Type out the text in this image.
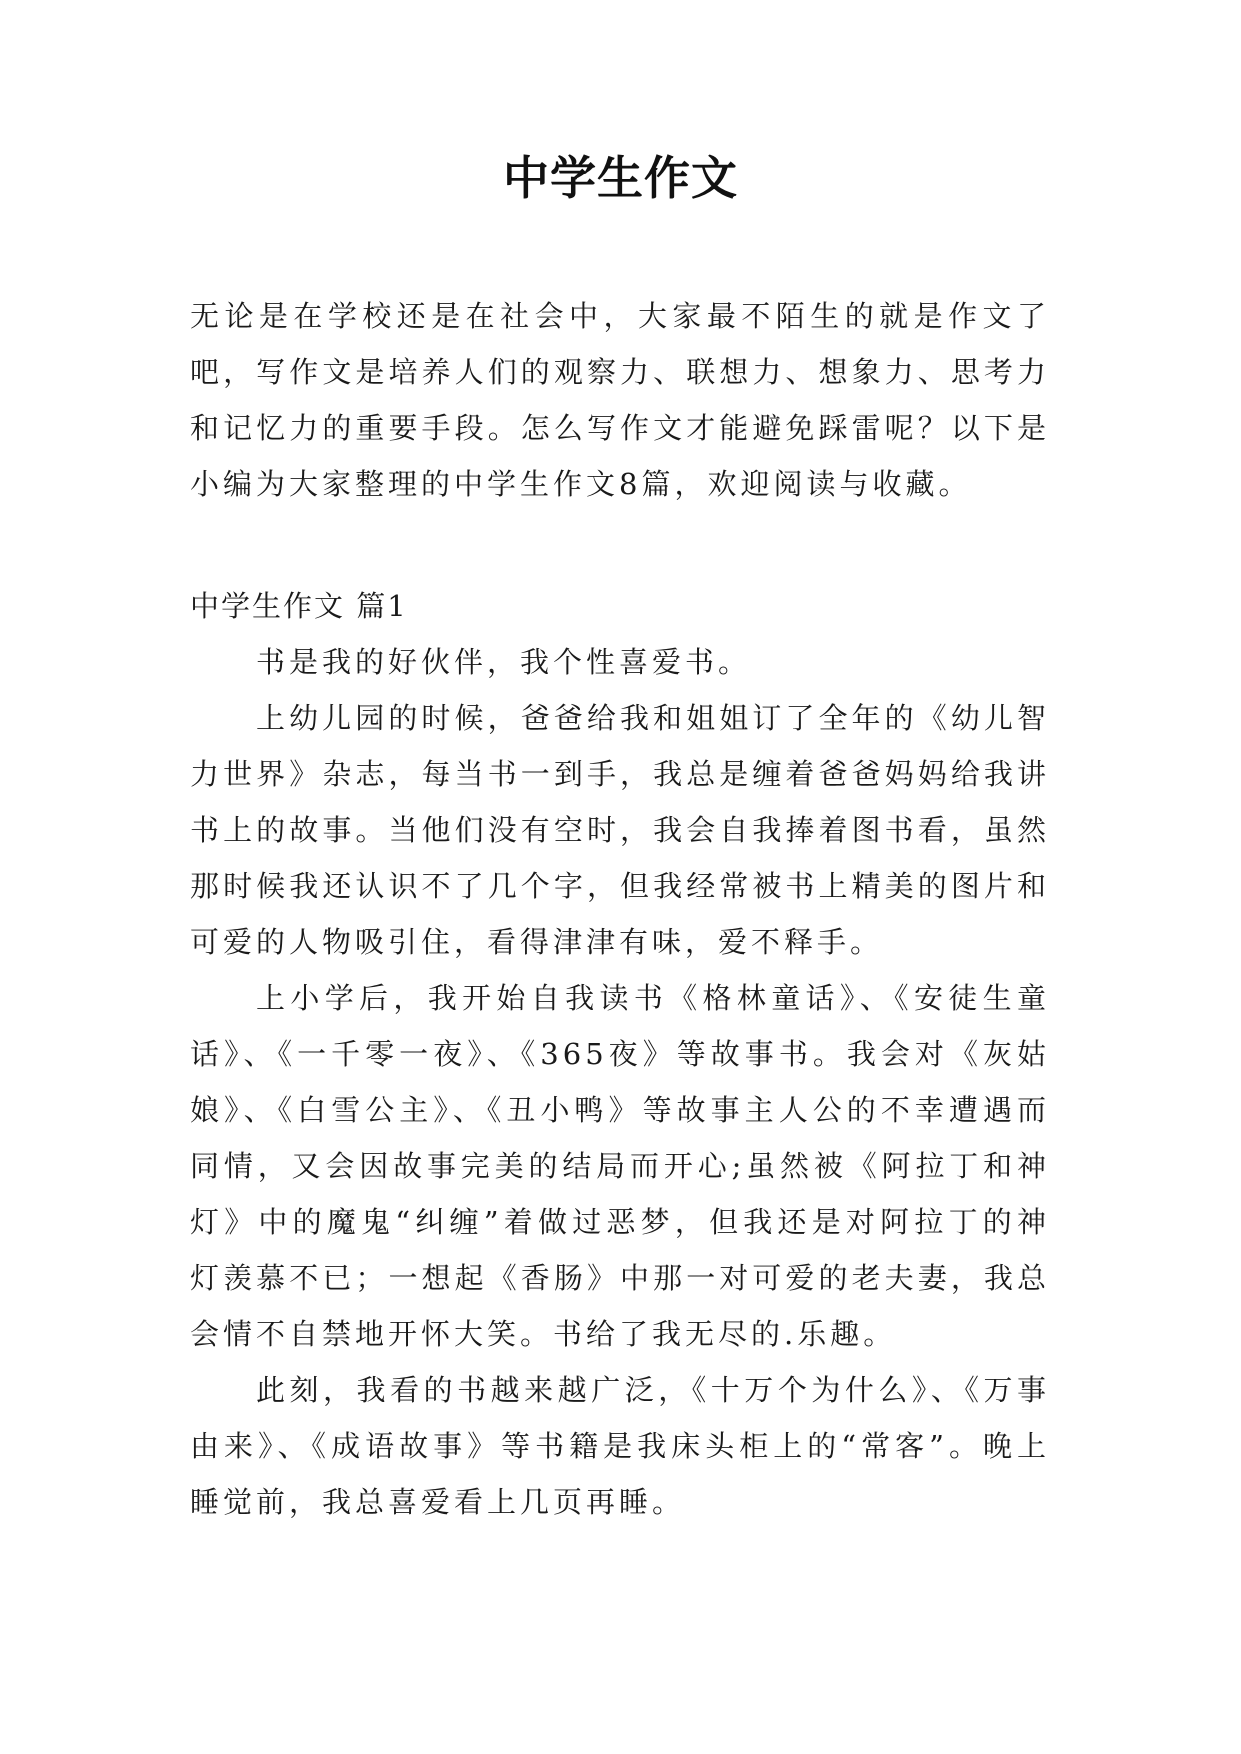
中学生作文

无论是在学校还是在社会中，大家最不陌生的就是作文了吧，写作文是培养人们的观察力、联想力、想象力、思考力和记忆力的重要手段。怎么写作文才能避免踩雷呢？以下是小编为大家整理的中学生作文8篇，欢迎阅读与收藏。

中学生作文 篇1

书是我的好伙伴，我个性喜爱书。

上幼儿园的时候，爸爸给我和姐姐订了全年的《幼儿智力世界》杂志，每当书一到手，我总是缠着爸爸妈妈给我讲书上的故事。当他们没有空时，我会自我捧着图书看，虽然那时候我还认识不了几个字，但我经常被书上精美的图片和可爱的人物吸引住，看得津津有味，爱不释手。

上小学后，我开始自我读书《格林童话》、《安徒生童话》、《一千零一夜》、《365夜》等故事书。我会对《灰姑娘》、《白雪公主》、《丑小鸭》等故事主人公的不幸遭遇而同情，又会因故事完美的结局而开心;虽然被《阿拉丁和神灯》中的魔鬼“纠缠”着做过恶梦，但我还是对阿拉丁的神灯羡慕不已；一想起《香肠》中那一对可爱的老夫妻，我总会情不自禁地开怀大笑。书给了我无尽的.乐趣。

此刻，我看的书越来越广泛，《十万个为什么》、《万事由来》、《成语故事》等书籍是我床头柜上的“常客”。晚上睡觉前，我总喜爱看上几页再睡。
